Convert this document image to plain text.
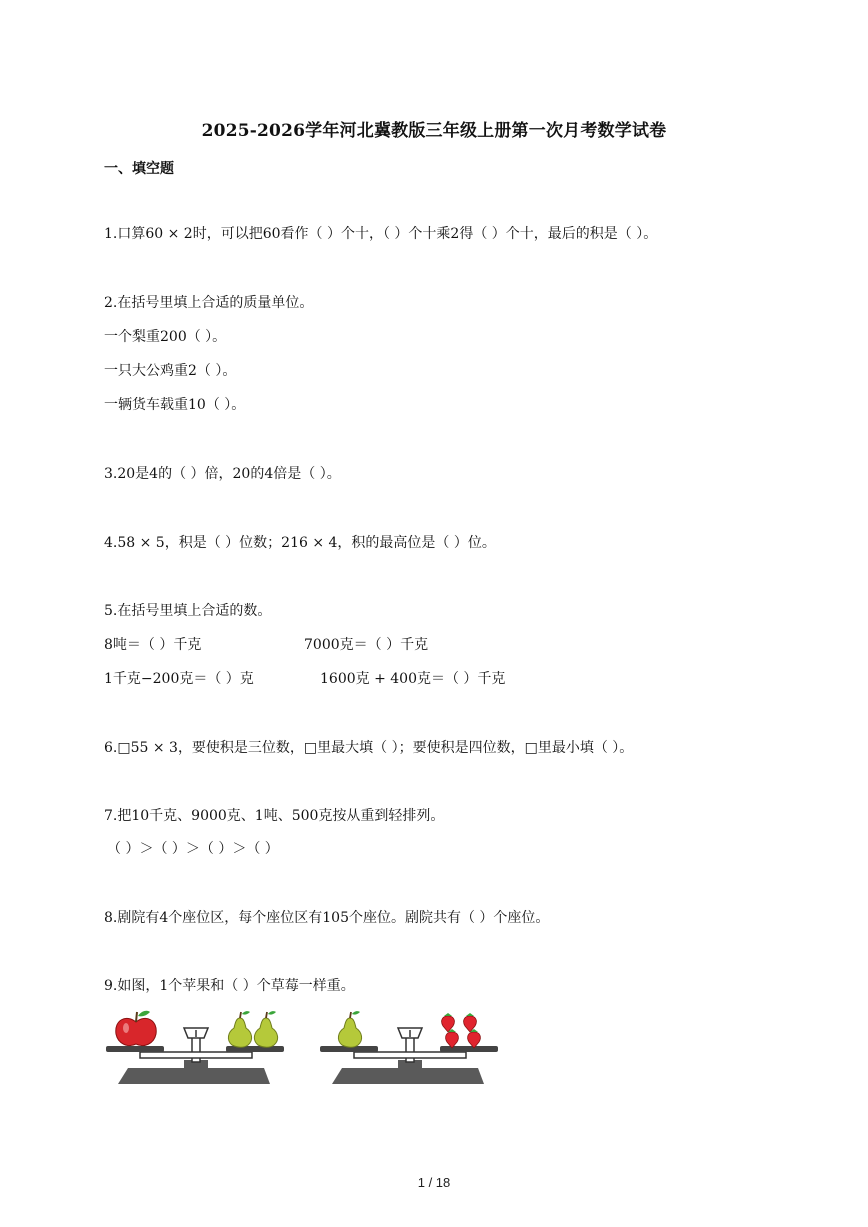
2025-2026学年河北冀教版三年级上册第一次月考数学试卷
一、填空题
1.口算60 × 2时，可以把60看作（ ）个十，（ ）个十乘2得（ ）个十，最后的积是（ ）。
2.在括号里填上合适的质量单位。
一个梨重200（ ）。
一只大公鸡重2（ ）。
一辆货车载重10（ ）。
3.20是4的（ ）倍，20的4倍是（ ）。
4.58 × 5，积是（ ）位数；216 × 4，积的最高位是（ ）位。
5.在括号里填上合适的数。
8吨＝（ ）千克	7000克＝（ ）千克
1千克−200克＝（ ）克	1600克 + 400克＝（ ）千克
6.□55 × 3，要使积是三位数，□里最大填（ ）；要使积是四位数，□里最小填（ ）。
7.把10千克、9000克、1吨、500克按从重到轻排列。
（ ）＞（ ）＞（ ）＞（ ）
8.剧院有4个座位区，每个座位区有105个座位。剧院共有（ ）个座位。
9.如图，1个苹果和（ ）个草莓一样重。
1 / 18
